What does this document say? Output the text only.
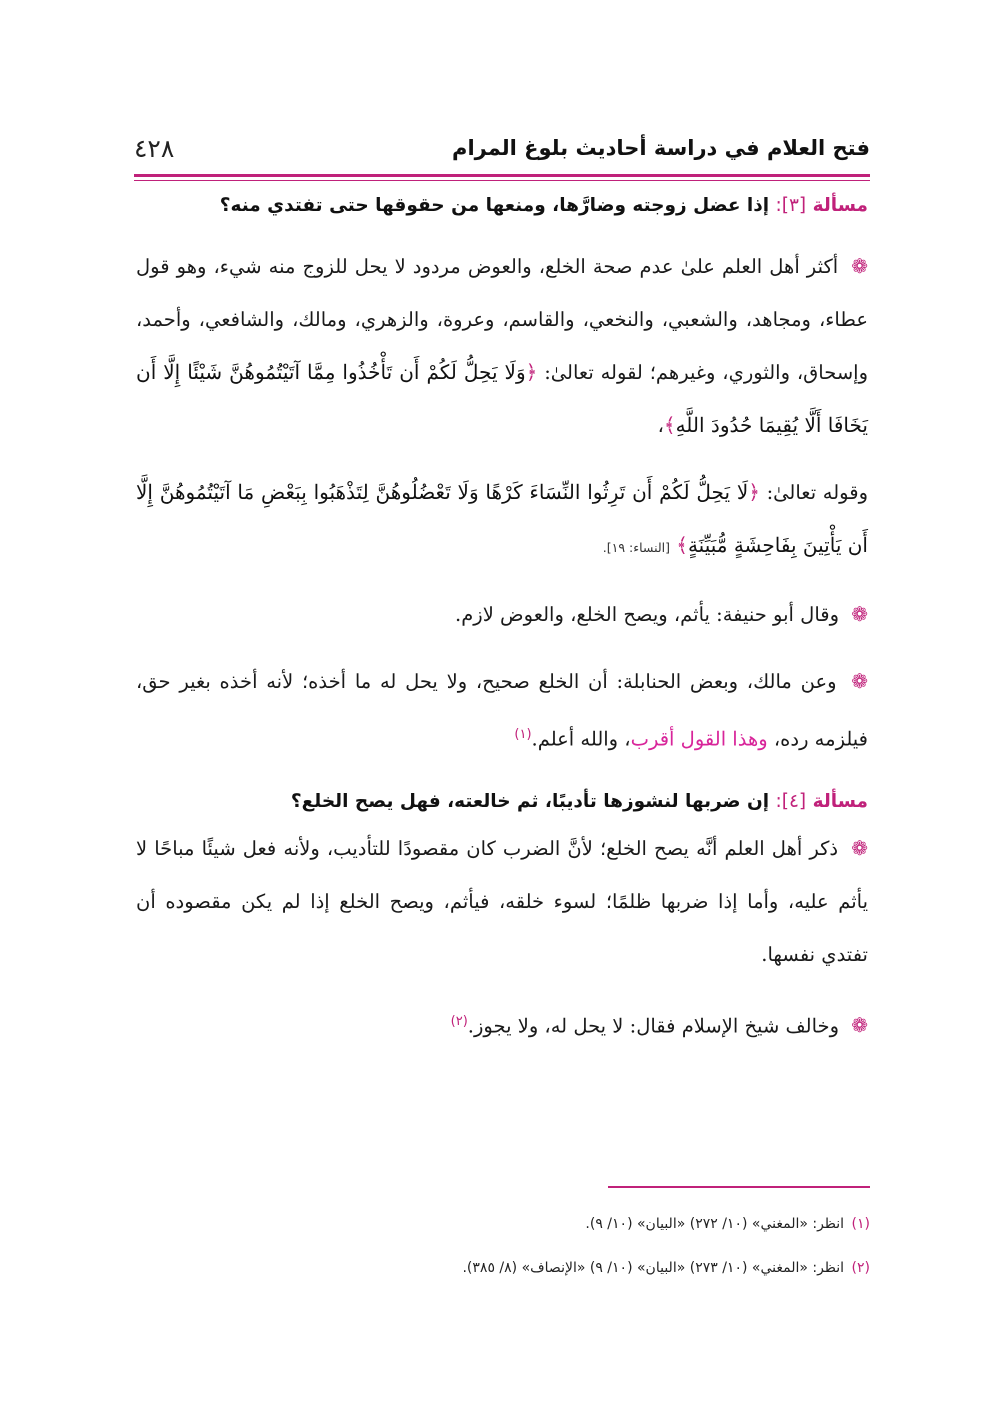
فتح العلام في دراسة أحاديث بلوغ المرام
٤٢٨

مسألة [٣]: إذا عضل زوجته وضارَّها، ومنعها من حقوقها حتى تفتدي منه؟

❁ أكثر أهل العلم علىٰ عدم صحة الخلع، والعوض مردود لا يحل للزوج منه شيء، وهو قول عطاء، ومجاهد، والشعبي، والنخعي، والقاسم، وعروة، والزهري، ومالك، والشافعي، وأحمد، وإسحاق، والثوري، وغيرهم؛ لقوله تعالىٰ: ﴿وَلَا يَحِلُّ لَكُمْ أَن تَأْخُذُوا مِمَّا آتَيْتُمُوهُنَّ شَيْئًا إِلَّا أَن يَخَافَا أَلَّا يُقِيمَا حُدُودَ اللَّهِ﴾،

وقوله تعالىٰ: ﴿لَا يَحِلُّ لَكُمْ أَن تَرِثُوا النِّسَاءَ كَرْهًا وَلَا تَعْضُلُوهُنَّ لِتَذْهَبُوا بِبَعْضِ مَا آتَيْتُمُوهُنَّ إِلَّا أَن يَأْتِينَ بِفَاحِشَةٍ مُّبَيِّنَةٍ﴾ [النساء: ١٩].

❁ وقال أبو حنيفة: يأثم، ويصح الخلع، والعوض لازم.

❁ وعن مالك، وبعض الحنابلة: أن الخلع صحيح، ولا يحل له ما أخذه؛ لأنه أخذه بغير حق، فيلزمه رده، وهذا القول أقرب، والله أعلم.$^{(١)}$

مسألة [٤]: إن ضربها لنشوزها تأديبًا، ثم خالعته، فهل يصح الخلع؟

❁ ذكر أهل العلم أنَّه يصح الخلع؛ لأنَّ الضرب كان مقصودًا للتأديب، ولأنه فعل شيئًا مباحًا لا يأثم عليه، وأما إذا ضربها ظلمًا؛ لسوء خلقه، فيأثم، ويصح الخلع إذا لم يكن مقصوده أن تفتدي نفسها.

❁ وخالف شيخ الإسلام فقال: لا يحل له، ولا يجوز.$^{(٢)}$

(١) انظر: «المغني» (١٠/ ٢٧٢) «البيان» (١٠/ ٩).

(٢) انظر: «المغني» (١٠/ ٢٧٣) «البيان» (١٠/ ٩) «الإنصاف» (٨/ ٣٨٥).
